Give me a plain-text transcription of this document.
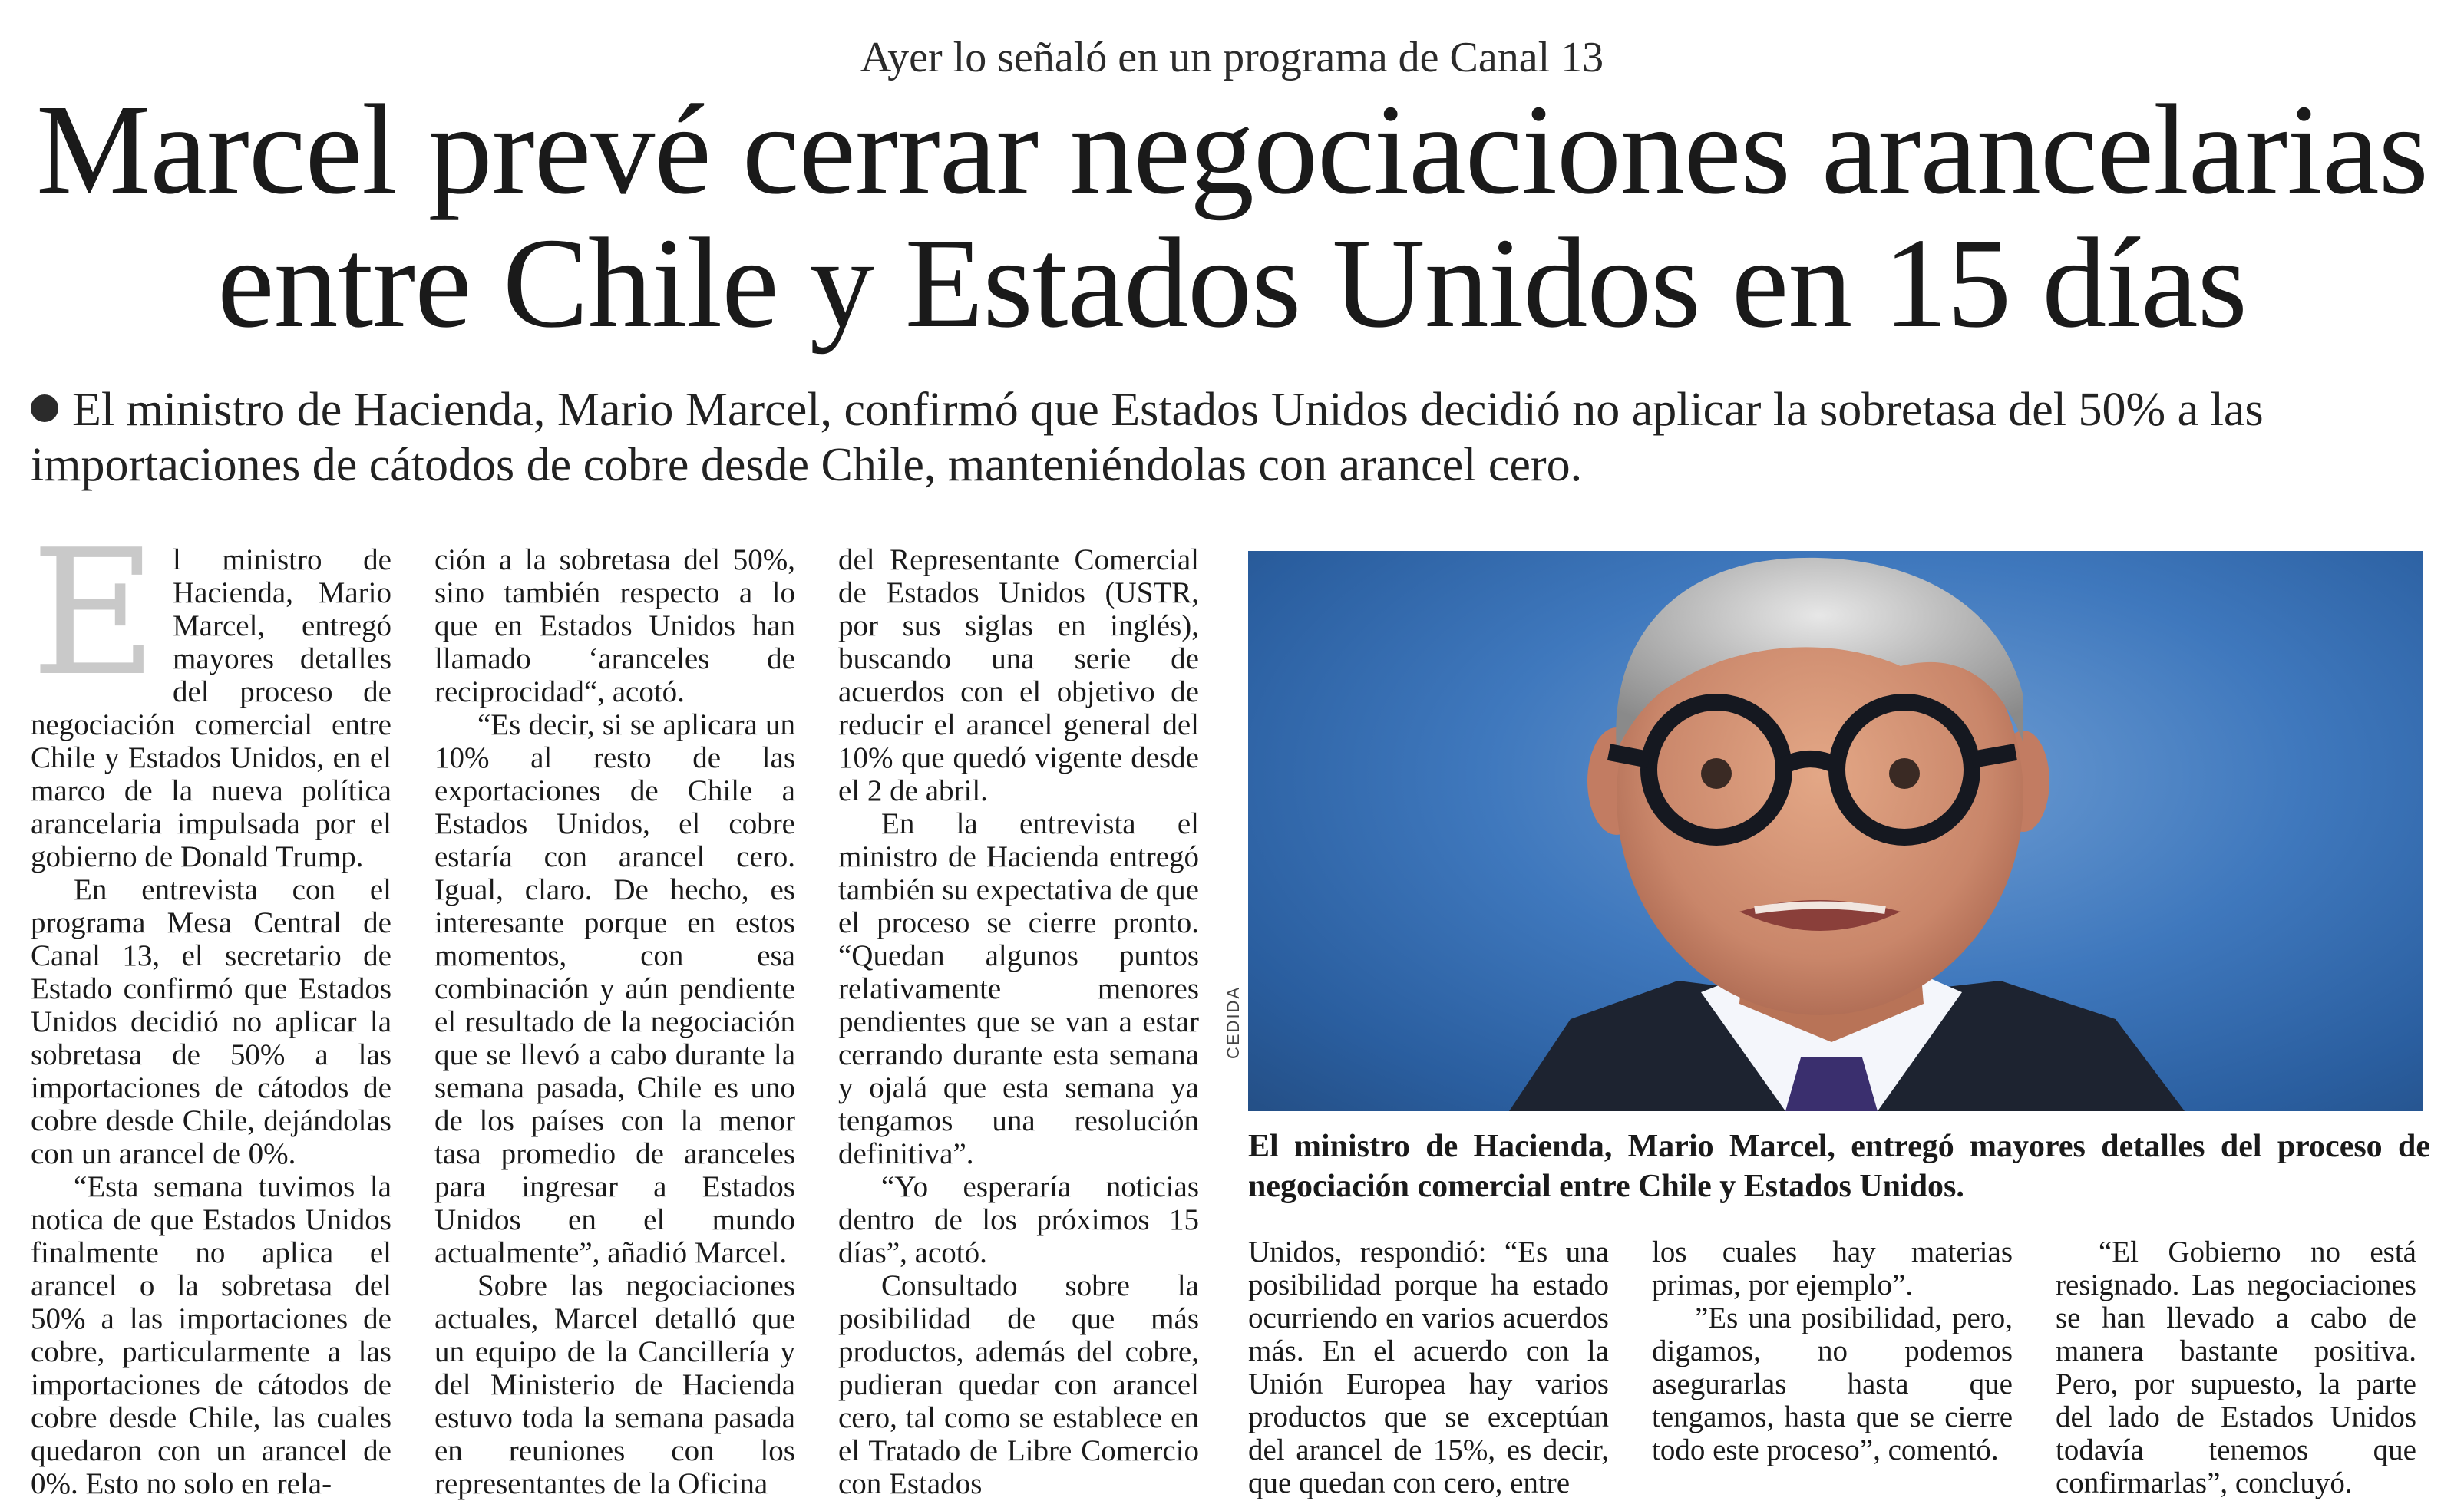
Ayer lo señaló en un programa de Canal 13
Marcel prevé cerrar negociaciones arancelarias
entre Chile y Estados Unidos en 15 días

El ministro de Hacienda, Mario Marcel, confirmó que Estados Unidos decidió no aplicar la sobretasa del 50% a las

importaciones de cátodos de cobre desde Chile, manteniéndolas con arancel cero.

El ministro de Hacienda, Mario Marcel, entregó mayores detalles del proceso de negociación comercial entre Chile y Estados Unidos, en el marco de la nueva política arancelaria impulsada por el gobierno de Donald Trump.

En entrevista con el programa Mesa Central de Canal 13, el secretario de Estado confirmó que Estados Unidos decidió no aplicar la sobretasa de 50% a las importaciones de cátodos de cobre desde Chile, dejándolas con un arancel de 0%.

“Esta semana tuvimos la notica de que Estados Unidos finalmente no aplica el arancel o la sobretasa del 50% a las importaciones de cobre, particularmente a las importaciones de cátodos de cobre desde Chile, las cuales quedaron con un arancel de 0%. Esto no solo en rela-

ción a la sobretasa del 50%, sino también respecto a lo que en Estados Unidos han llamado ‘aranceles de reciprocidad“, acotó.

“Es decir, si se aplicara un 10% al resto de las exportaciones de Chile a Estados Unidos, el cobre estaría con arancel cero. Igual, claro. De hecho, es interesante porque en estos momentos, con esa combinación y aún pendiente el resultado de la negociación que se llevó a cabo durante la semana pasada, Chile es uno de los países con la menor tasa promedio de aranceles para ingresar a Estados Unidos en el mundo actualmente”, añadió Marcel.

Sobre las negociaciones actuales, Marcel detalló que un equipo de la Cancillería y del Ministerio de Hacienda estuvo toda la semana pasada en reuniones con los representantes de la Oficina

del Representante Comercial de Estados Unidos (USTR, por sus siglas en inglés), buscando una serie de acuerdos con el objetivo de reducir el arancel general del 10% que quedó vigente desde el 2 de abril.

En la entrevista el ministro de Hacienda entregó también su expectativa de que el proceso se cierre pronto. “Quedan algunos puntos relativamente menores pendientes que se van a estar cerrando durante esta semana y ojalá que esta semana ya tengamos una resolución definitiva”.

“Yo esperaría noticias dentro de los próximos 15 días”, acotó.

Consultado sobre la posibilidad de que más productos, además del cobre, pudieran quedar con arancel cero, tal como se establece en el Tratado de Libre Comercio con Estados

CEDIDA
El ministro de Hacienda, Mario Marcel, entregó mayores detalles del proceso de negociación comercial entre Chile y Estados Unidos.

Unidos, respondió: “Es una posibilidad porque ha estado ocurriendo en varios acuerdos más. En el acuerdo con la Unión Europea hay varios productos que se exceptúan del arancel de 15%, es decir, que quedan con cero, entre

los cuales hay materias primas, por ejemplo”.

”Es una posibilidad, pero, digamos, no podemos asegurarlas hasta que tengamos, hasta que se cierre todo este proceso”, comentó.

“El Gobierno no está resignado. Las negociaciones se han llevado a cabo de manera bastante positiva. Pero, por supuesto, la parte del lado de Estados Unidos todavía tenemos que confirmarlas”, concluyó.
